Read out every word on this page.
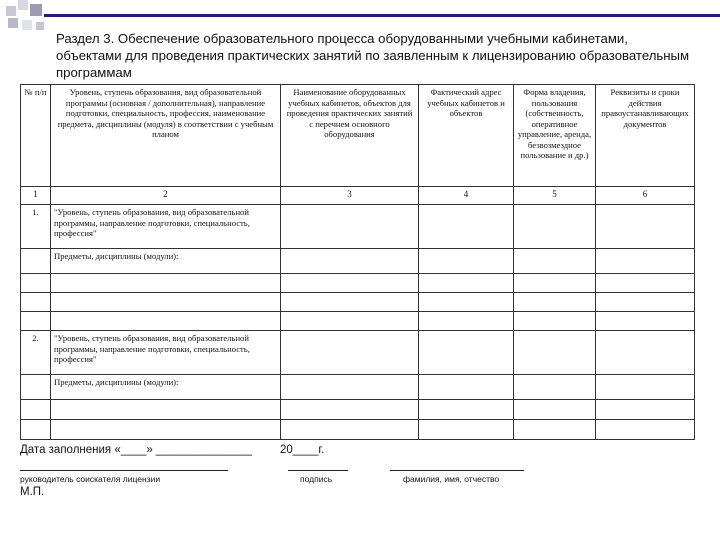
Раздел 3. Обеспечение образовательного процесса оборудованными учебными кабинетами, объектами для проведения практических занятий по заявленным к лицензированию образовательным программам
№ п/п	Уровень, ступень образования, вид образовательной программы (основная / дополнительная), направление подготовки, специальность, профессия, наименование предмета, дисциплины (модуля) в соответствии с учебным планом	Наименование оборудованных учебных кабинетов, объектов для проведения практических занятий с перечнем основного оборудования	Фактический адрес учебных кабинетов и объектов	Форма владения, пользования (собственность, оперативное управление, аренда, безвозмездное пользование и др.)	Реквизиты и сроки действия правоустанавливающих документов
1	2	3	4	5	6
1.	"Уровень, ступень образования, вид образовательной программы, направление подготовки, специальность, профессия"				
	Предметы, дисциплины (модули):				

2.	"Уровень, ступень образования, вид образовательной программы, направление подготовки, специальность, профессия"				
	Предметы, дисциплины (модули):				

Дата заполнения «____» _______________ 20____г.
руководитель соискателя лицензии	подпись	фамилия, имя, отчество
М.П.
